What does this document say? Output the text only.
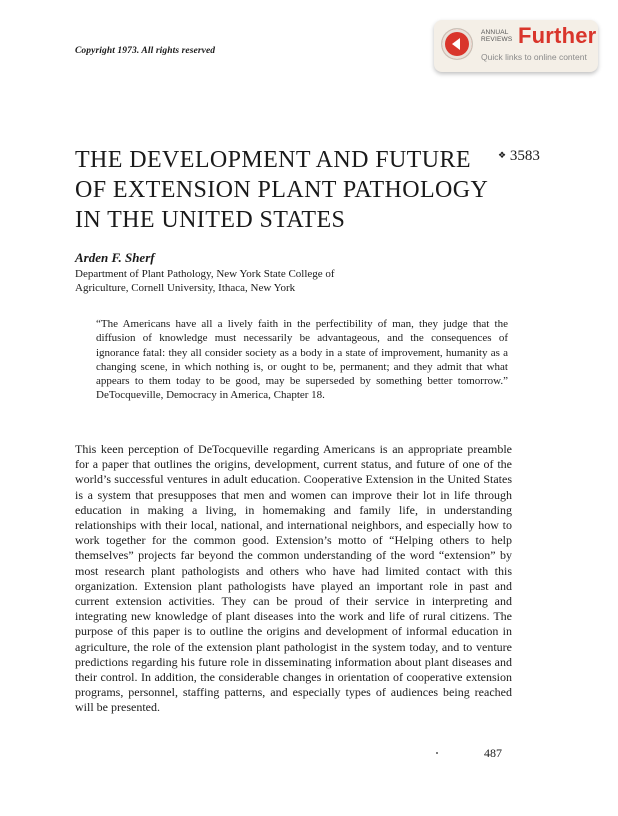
Copyright 1973. All rights reserved
ANNUAL
REVIEWS Further
Quick links to online content
THE DEVELOPMENT AND FUTURE
OF EXTENSION PLANT PATHOLOGY
IN THE UNITED STATES
❖ 3583
Arden F. Sherf
Department of Plant Pathology, New York State College of
Agriculture, Cornell University, Ithaca, New York
“The Americans have all a lively faith in the perfectibility of man, they judge that the diffusion of knowledge must necessarily be advantageous, and the consequences of ignorance fatal: they all consider society as a body in a state of improvement, humanity as a changing scene, in which nothing is, or ought to be, permanent; and they admit that what appears to them today to be good, may be superseded by something better tomorrow.” DeTocqueville, Democracy in America, Chapter 18.
This keen perception of DeTocqueville regarding Americans is an appropriate preamble for a paper that outlines the origins, development, current status, and future of one of the world’s successful ventures in adult education. Cooperative Extension in the United States is a system that presupposes that men and women can improve their lot in life through education in making a living, in homemaking and family life, in understanding relationships with their local, national, and international neighbors, and especially how to work together for the common good. Extension’s motto of “Helping others to help themselves” projects far beyond the common understanding of the word “extension” by most research plant pathologists and others who have had limited contact with this organization. Extension plant pathologists have played an important role in past and current extension activities. They can be proud of their service in interpreting and integrating new knowledge of plant diseases into the work and life of rural citizens. The purpose of this paper is to outline the origins and development of informal education in agriculture, the role of the extension plant pathologist in the system today, and to venture predictions regarding his future role in disseminating information about plant diseases and their control. In addition, the considerable changes in orientation of cooperative extension programs, personnel, staffing patterns, and especially types of audiences being reached will be presented.
487
